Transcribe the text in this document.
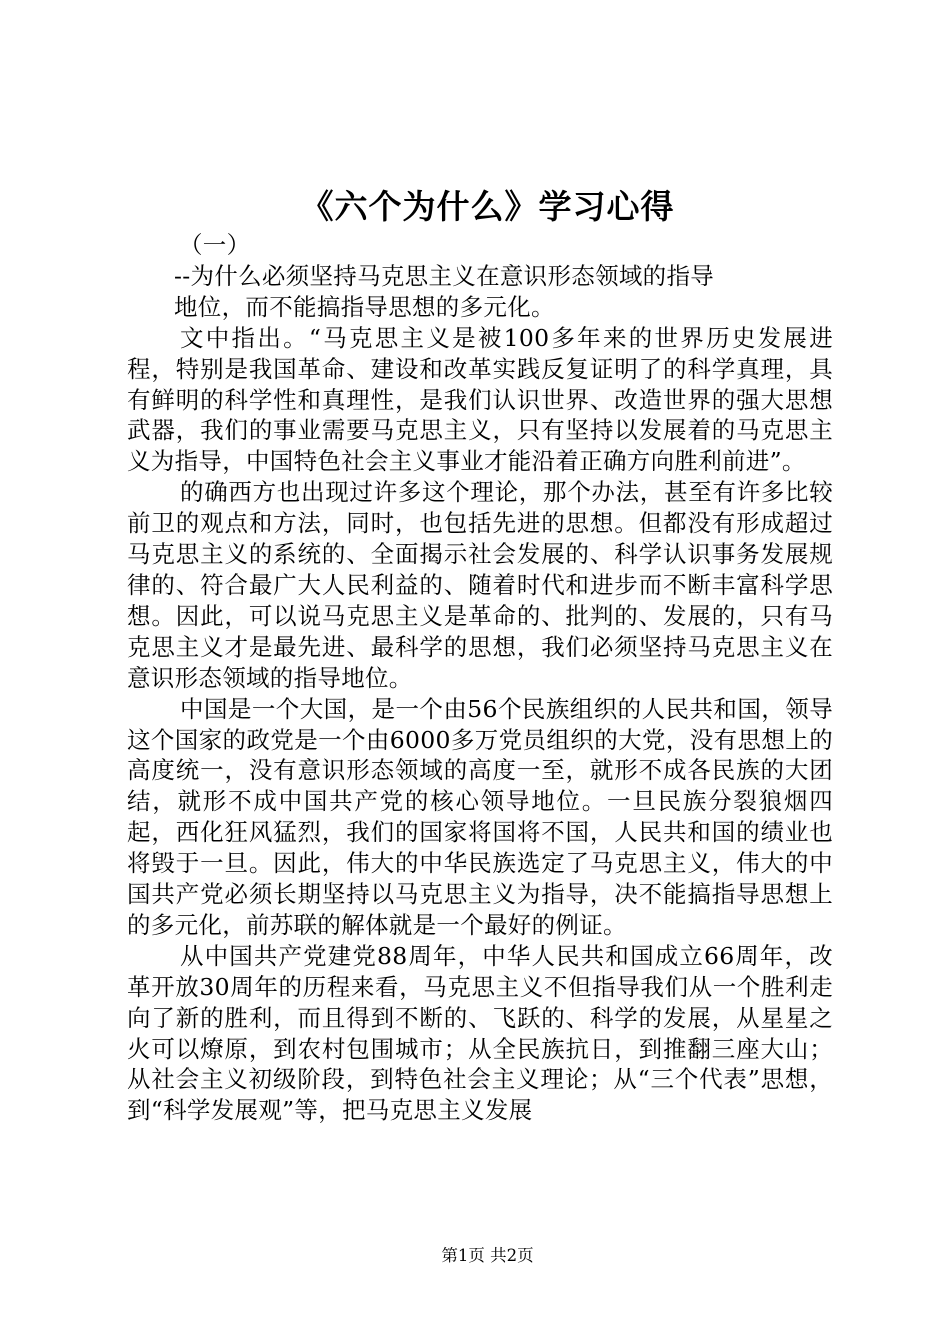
《六个为什么》学习心得
（一）
--为什么必须坚持马克思主义在意识形态领域的指导
地位，而不能搞指导思想的多元化。
文中指出。“马克思主义是被100多年来的世界历史发展进程，特别是我国革命、建设和改革实践反复证明了的科学真理，具有鲜明的科学性和真理性，是我们认识世界、改造世界的强大思想武器，我们的事业需要马克思主义，只有坚持以发展着的马克思主义为指导，中国特色社会主义事业才能沿着正确方向胜利前进”。
的确西方也出现过许多这个理论，那个办法，甚至有许多比较前卫的观点和方法，同时，也包括先进的思想。但都没有形成超过马克思主义的系统的、全面揭示社会发展的、科学认识事务发展规律的、符合最广大人民利益的、随着时代和进步而不断丰富科学思想。因此，可以说马克思主义是革命的、批判的、发展的，只有马克思主义才是最先进、最科学的思想，我们必须坚持马克思主义在意识形态领域的指导地位。
中国是一个大国，是一个由56个民族组织的人民共和国，领导这个国家的政党是一个由6000多万党员组织的大党，没有思想上的高度统一，没有意识形态领域的高度一至，就形不成各民族的大团结，就形不成中国共产党的核心领导地位。一旦民族分裂狼烟四起，西化狂风猛烈，我们的国家将国将不国，人民共和国的绩业也将毁于一旦。因此，伟大的中华民族选定了马克思主义，伟大的中国共产党必须长期坚持以马克思主义为指导，决不能搞指导思想上的多元化，前苏联的解体就是一个最好的例证。
从中国共产党建党88周年，中华人民共和国成立66周年，改革开放30周年的历程来看，马克思主义不但指导我们从一个胜利走向了新的胜利，而且得到不断的、飞跃的、科学的发展，从星星之火可以燎原，到农村包围城市；从全民族抗日，到推翻三座大山；从社会主义初级阶段，到特色社会主义理论；从“三个代表”思想，到“科学发展观”等，把马克思主义发展
第1页 共2页
